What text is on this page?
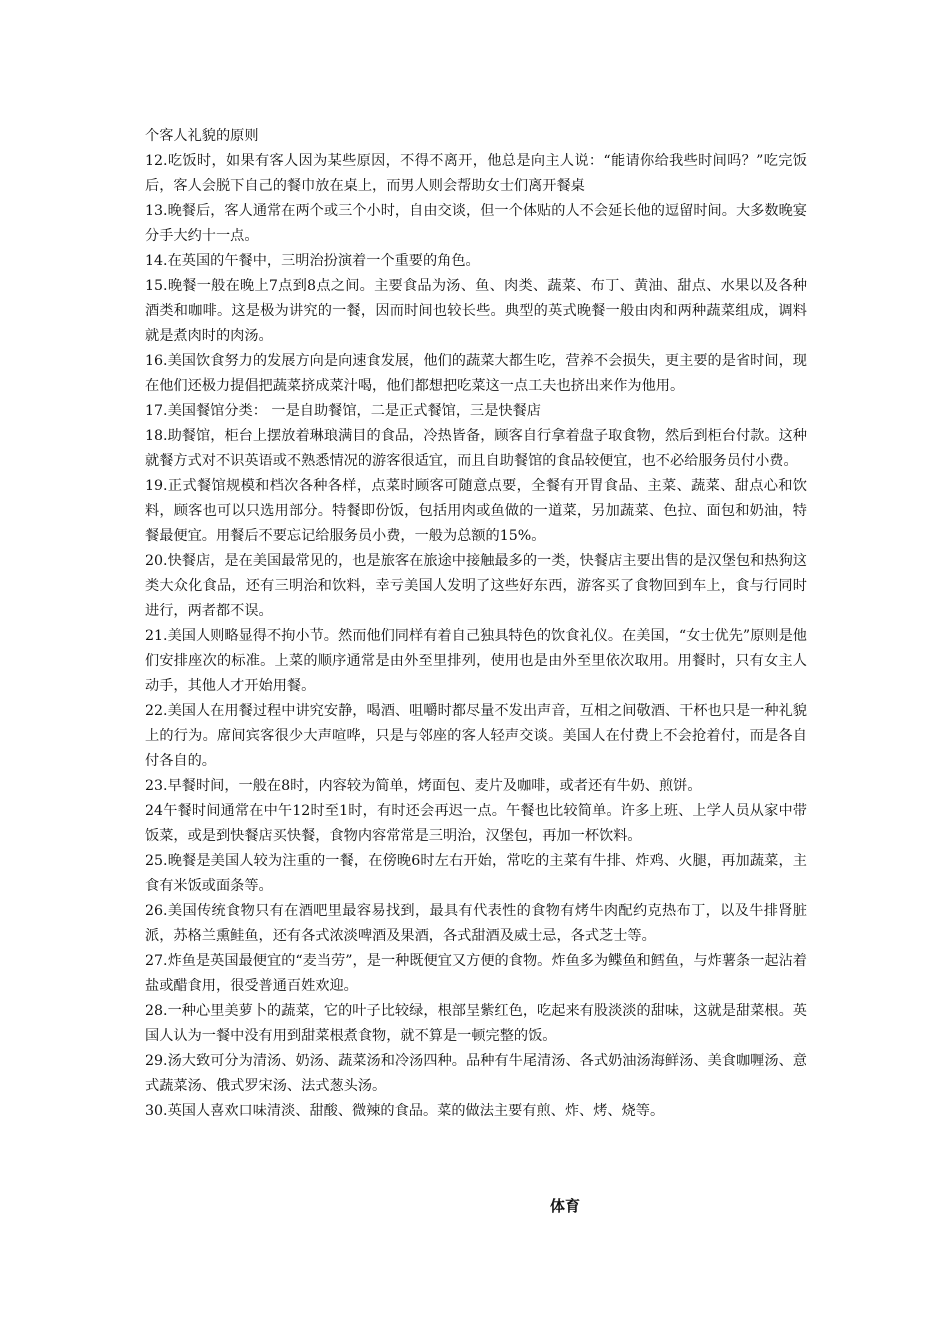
个客人礼貌的原则

12.吃饭时，如果有客人因为某些原因，不得不离开，他总是向主人说：“能请你给我些时间吗？”吃完饭后，客人会脱下自己的餐巾放在桌上，而男人则会帮助女士们离开餐桌

13.晚餐后，客人通常在两个或三个小时，自由交谈，但一个体贴的人不会延长他的逗留时间。大多数晚宴分手大约十一点。

14.在英国的午餐中，三明治扮演着一个重要的角色。

15.晚餐一般在晚上7点到8点之间。主要食品为汤、鱼、肉类、蔬菜、布丁、黄油、甜点、水果以及各种酒类和咖啡。这是极为讲究的一餐，因而时间也较长些。典型的英式晚餐一般由肉和两种蔬菜组成，调料就是煮肉时的肉汤。

16.美国饮食努力的发展方向是向速食发展，他们的蔬菜大都生吃，营养不会损失，更主要的是省时间，现在他们还极力提倡把蔬菜挤成菜汁喝，他们都想把吃菜这一点工夫也挤出来作为他用。

17.美国餐馆分类： 一是自助餐馆，二是正式餐馆，三是快餐店

18.助餐馆，柜台上摆放着琳琅满目的食品，冷热皆备，顾客自行拿着盘子取食物，然后到柜台付款。这种就餐方式对不识英语或不熟悉情况的游客很适宜，而且自助餐馆的食品较便宜，也不必给服务员付小费。

19.正式餐馆规模和档次各种各样，点菜时顾客可随意点要，全餐有开胃食品、主菜、蔬菜、甜点心和饮料，顾客也可以只选用部分。特餐即份饭，包括用肉或鱼做的一道菜，另加蔬菜、色拉、面包和奶油，特餐最便宜。用餐后不要忘记给服务员小费，一般为总额的15%。

20.快餐店，是在美国最常见的，也是旅客在旅途中接触最多的一类，快餐店主要出售的是汉堡包和热狗这类大众化食品，还有三明治和饮料，幸亏美国人发明了这些好东西，游客买了食物回到车上，食与行同时进行，两者都不误。

21.美国人则略显得不拘小节。然而他们同样有着自己独具特色的饮食礼仪。在美国，“女士优先”原则是他们安排座次的标准。上菜的顺序通常是由外至里排列，使用也是由外至里依次取用。用餐时，只有女主人动手，其他人才开始用餐。

22.美国人在用餐过程中讲究安静，喝酒、咀嚼时都尽量不发出声音，互相之间敬酒、干杯也只是一种礼貌上的行为。席间宾客很少大声喧哗，只是与邻座的客人轻声交谈。美国人在付费上不会抢着付，而是各自付各自的。

23.早餐时间，一般在8时，内容较为简单，烤面包、麦片及咖啡，或者还有牛奶、煎饼。

24午餐时间通常在中午12时至1时，有时还会再迟一点。午餐也比较简单。许多上班、上学人员从家中带饭菜，或是到快餐店买快餐，食物内容常常是三明治，汉堡包，再加一杯饮料。

25.晚餐是美国人较为注重的一餐，在傍晚6时左右开始，常吃的主菜有牛排、炸鸡、火腿，再加蔬菜，主食有米饭或面条等。

26.美国传统食物只有在酒吧里最容易找到，最具有代表性的食物有烤牛肉配约克热布丁，以及牛排肾脏派，苏格兰熏鲑鱼，还有各式浓淡啤酒及果酒，各式甜酒及威士忌，各式芝士等。

27.炸鱼是英国最便宜的“麦当劳”，是一种既便宜又方便的食物。炸鱼多为鲽鱼和鳕鱼，与炸薯条一起沾着盐或醋食用，很受普通百姓欢迎。

28.一种心里美萝卜的蔬菜，它的叶子比较绿，根部呈紫红色，吃起来有股淡淡的甜味，这就是甜菜根。英国人认为一餐中没有用到甜菜根煮食物，就不算是一顿完整的饭。

29.汤大致可分为清汤、奶汤、蔬菜汤和冷汤四种。品种有牛尾清汤、各式奶油汤海鲜汤、美食咖喱汤、意式蔬菜汤、俄式罗宋汤、法式葱头汤。

30.英国人喜欢口味清淡、甜酸、微辣的食品。菜的做法主要有煎、炸、烤、烧等。

体育
